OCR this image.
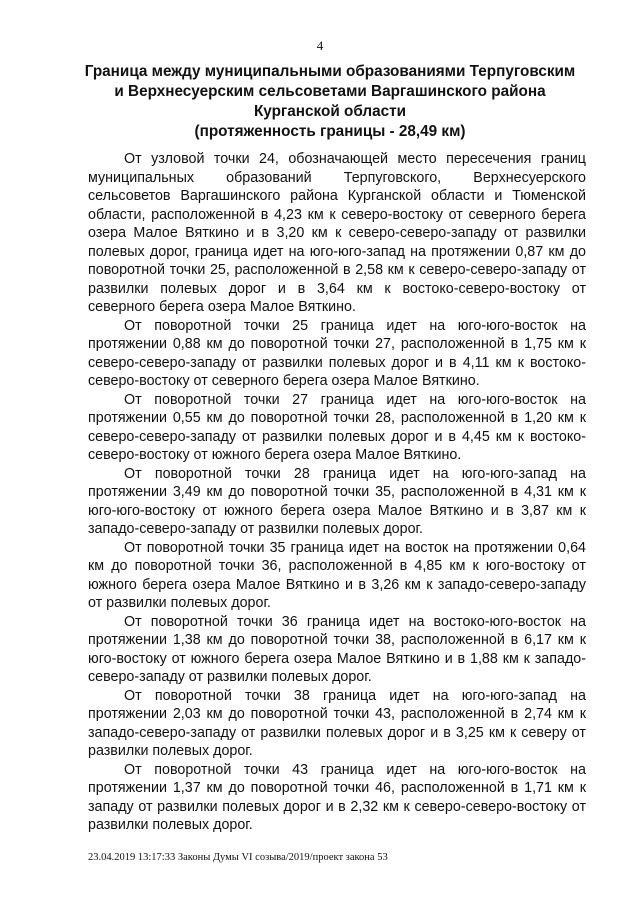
4
Граница между муниципальными образованиями Терпуговским
и Верхнесуерским сельсоветами Варгашинского района
Курганской области
(протяженность границы - 28,49 км)

От узловой точки 24, обозначающей место пересечения границ муниципальных образований Терпуговского, Верхнесуерского сельсоветов Варгашинского района Курганской области и Тюменской области, расположенной в 4,23 км к северо-востоку от северного берега озера Малое Вяткино и в 3,20 км к северо-северо-западу от развилки полевых дорог, граница идет на юго-юго-запад на протяжении 0,87 км до поворотной точки 25, расположенной в 2,58 км к северо-северо-западу от развилки полевых дорог и в 3,64 км к востоко-северо-востоку от северного берега озера Малое Вяткино.

От поворотной точки 25 граница идет на юго-юго-восток на протяжении 0,88 км до поворотной точки 27, расположенной в 1,75 км к северо-северо-западу от развилки полевых дорог и в 4,11 км к востоко-северо-востоку от северного берега озера Малое Вяткино.

От поворотной точки 27 граница идет на юго-юго-восток на протяжении 0,55 км до поворотной точки 28, расположенной в 1,20 км к северо-северо-западу от развилки полевых дорог и в 4,45 км к востоко-северо-востоку от южного берега озера Малое Вяткино.

От поворотной точки 28 граница идет на юго-юго-запад на протяжении 3,49 км до поворотной точки 35, расположенной в 4,31 км к юго-юго-востоку от южного берега озера Малое Вяткино и в 3,87 км к западо-северо-западу от развилки полевых дорог.

От поворотной точки 35 граница идет на восток на протяжении 0,64 км до поворотной точки 36, расположенной в 4,85 км к юго-востоку от южного берега озера Малое Вяткино и в 3,26 км к западо-северо-западу от развилки полевых дорог.

От поворотной точки 36 граница идет на востоко-юго-восток на протяжении 1,38 км до поворотной точки 38, расположенной в 6,17 км к юго-востоку от южного берега озера Малое Вяткино и в 1,88 км к западо-северо-западу от развилки полевых дорог.

От поворотной точки 38 граница идет на юго-юго-запад на протяжении 2,03 км до поворотной точки 43, расположенной в 2,74 км к западо-северо-западу от развилки полевых дорог и в 3,25 км к северу от развилки полевых дорог.

От поворотной точки 43 граница идет на юго-юго-восток на протяжении 1,37 км до поворотной точки 46, расположенной в 1,71 км к западу от развилки полевых дорог и в 2,32 км к северо-северо-востоку от развилки полевых дорог.

23.04.2019 13:17:33 Законы Думы VI созыва/2019/проект закона 53
